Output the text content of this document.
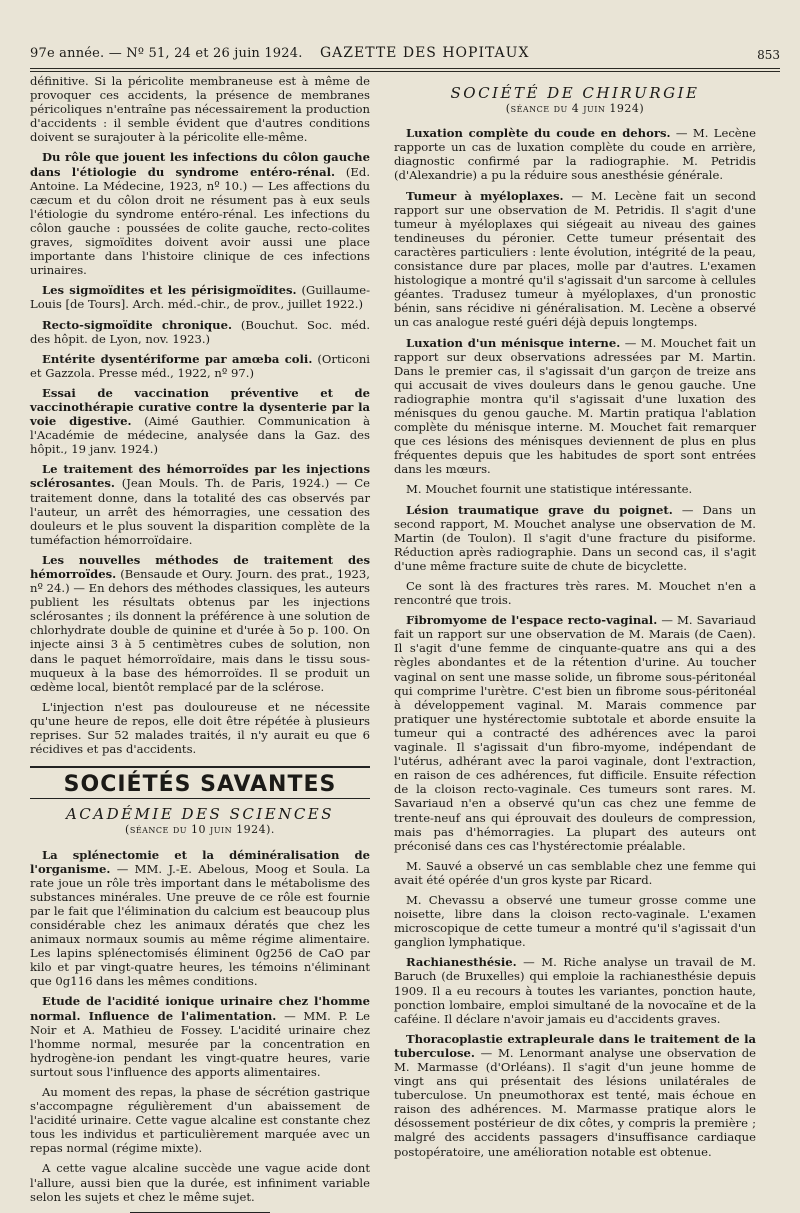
97e année. — Nº 51, 24 et 26 juin 1924. GAZETTE DES HOPITAUX	853

définitive. Si la péricolite membraneuse est à même de provoquer ces accidents, la présence de membranes péricoliques n'entraîne pas nécessairement la production d'accidents : il semble évident que d'autres conditions doivent se surajouter à la péricolite elle-même.

Du rôle que jouent les infections du côlon gauche dans l'étiologie du syndrome entéro-rénal. (Ed. Antoine. La Médecine, 1923, nº 10.) — Les affections du cæcum et du côlon droit ne résument pas à eux seuls l'étiologie du syndrome entéro-rénal. Les infections du côlon gauche : poussées de colite gauche, recto-colites graves, sigmoïdites doivent avoir aussi une place importante dans l'histoire clinique de ces infections urinaires.

Les sigmoïdites et les périsigmoïdites. (Guillaume-Louis [de Tours]. Arch. méd.-chir., de prov., juillet 1922.)

Recto-sigmoïdite chronique. (Bouchut. Soc. méd. des hôpit. de Lyon, nov. 1923.)

Entérite dysentériforme par amœba coli. (Orticoni et Gazzola. Presse méd., 1922, nº 97.)

Essai de vaccination préventive et de vaccinothérapie curative contre la dysenterie par la voie digestive. (Aimé Gauthier. Communication à l'Académie de médecine, analysée dans la Gaz. des hôpit., 19 janv. 1924.)

Le traitement des hémorroïdes par les injections sclérosantes. (Jean Mouls. Th. de Paris, 1924.) — Ce traitement donne, dans la totalité des cas observés par l'auteur, un arrêt des hémorragies, une cessation des douleurs et le plus souvent la disparition complète de la tuméfaction hémorroïdaire.

Les nouvelles méthodes de traitement des hémorroïdes. (Bensaude et Oury. Journ. des prat., 1923, nº 24.) — En dehors des méthodes classiques, les auteurs publient les résultats obtenus par les injections sclérosantes ; ils donnent la préférence à une solution de chlorhydrate double de quinine et d'urée à 5o p. 100. On injecte ainsi 3 à 5 centimètres cubes de solution, non dans le paquet hémorroïdaire, mais dans le tissu sous-muqueux à la base des hémorroïdes. Il se produit un œdème local, bientôt remplacé par de la sclérose.

L'injection n'est pas douloureuse et ne nécessite qu'une heure de repos, elle doit être répétée à plusieurs reprises. Sur 52 malades traités, il n'y aurait eu que 6 récidives et pas d'accidents.

SOCIÉTÉS SAVANTES
ACADÉMIE DES SCIENCES
(séance du 10 juin 1924).

La splénectomie et la déminéralisation de l'organisme. — MM. J.-E. Abelous, Moog et Soula. La rate joue un rôle très important dans le métabolisme des substances minérales. Une preuve de ce rôle est fournie par le fait que l'élimination du calcium est beaucoup plus considérable chez les animaux dératés que chez les animaux normaux soumis au même régime alimentaire. Les lapins splénectomisés éliminent 0g256 de CaO par kilo et par vingt-quatre heures, les témoins n'éliminant que 0g116 dans les mêmes conditions.

Etude de l'acidité ionique urinaire chez l'homme normal. Influence de l'alimentation. — MM. P. Le Noir et A. Mathieu de Fossey. L'acidité urinaire chez l'homme normal, mesurée par la concentration en hydrogène-ion pendant les vingt-quatre heures, varie surtout sous l'influence des apports alimentaires.

Au moment des repas, la phase de sécrétion gastrique s'accompagne régulièrement d'un abaissement de l'acidité urinaire. Cette vague alcaline est constante chez tous les individus et particulièrement marquée avec un repas normal (régime mixte).

A cette vague alcaline succède une vague acide dont l'allure, aussi bien que la durée, est infiniment variable selon les sujets et chez le même sujet.

SOCIÉTÉ DE CHIRURGIE
(séance du 4 juin 1924)

Luxation complète du coude en dehors. — M. Lecène rapporte un cas de luxation complète du coude en arrière, diagnostic confirmé par la radiographie. M. Petridis (d'Alexandrie) a pu la réduire sous anesthésie générale.

Tumeur à myéloplaxes. — M. Lecène fait un second rapport sur une observation de M. Petridis. Il s'agit d'une tumeur à myéloplaxes qui siégeait au niveau des gaines tendineuses du péronier. Cette tumeur présentait des caractères particuliers : lente évolution, intégrité de la peau, consistance dure par places, molle par d'autres. L'examen histologique a montré qu'il s'agissait d'un sarcome à cellules géantes. Tradusez tumeur à myéloplaxes, d'un pronostic bénin, sans récidive ni généralisation. M. Lecène a observé un cas analogue resté guéri déjà depuis longtemps.

Luxation d'un ménisque interne. — M. Mouchet fait un rapport sur deux observations adressées par M. Martin. Dans le premier cas, il s'agissait d'un garçon de treize ans qui accusait de vives douleurs dans le genou gauche. Une radiographie montra qu'il s'agissait d'une luxation des ménisques du genou gauche. M. Martin pratiqua l'ablation complète du ménisque interne. M. Mouchet fait remarquer que ces lésions des ménisques deviennent de plus en plus fréquentes depuis que les habitudes de sport sont entrées dans les mœurs.

M. Mouchet fournit une statistique intéressante.

Lésion traumatique grave du poignet. — Dans un second rapport, M. Mouchet analyse une observation de M. Martin (de Toulon). Il s'agit d'une fracture du pisiforme. Réduction après radiographie. Dans un second cas, il s'agit d'une même fracture suite de chute de bicyclette.

Ce sont là des fractures très rares. M. Mouchet n'en a rencontré que trois.

Fibromyome de l'espace recto-vaginal. — M. Savariaud fait un rapport sur une observation de M. Marais (de Caen). Il s'agit d'une femme de cinquante-quatre ans qui a des règles abondantes et de la rétention d'urine. Au toucher vaginal on sent une masse solide, un fibrome sous-péritonéal qui comprime l'urètre. C'est bien un fibrome sous-péritonéal à développement vaginal. M. Marais commence par pratiquer une hystérectomie subtotale et aborde ensuite la tumeur qui a contracté des adhérences avec la paroi vaginale. Il s'agissait d'un fibro-myome, indépendant de l'utérus, adhérant avec la paroi vaginale, dont l'extraction, en raison de ces adhérences, fut difficile. Ensuite réfection de la cloison recto-vaginale. Ces tumeurs sont rares. M. Savariaud n'en a observé qu'un cas chez une femme de trente-neuf ans qui éprouvait des douleurs de compression, mais pas d'hémorragies. La plupart des auteurs ont préconisé dans ces cas l'hystérectomie préalable.

M. Sauvé a observé un cas semblable chez une femme qui avait été opérée d'un gros kyste par Ricard.

M. Chevassu a observé une tumeur grosse comme une noisette, libre dans la cloison recto-vaginale. L'examen microscopique de cette tumeur a montré qu'il s'agissait d'un ganglion lymphatique.

Rachianesthésie. — M. Riche analyse un travail de M. Baruch (de Bruxelles) qui emploie la rachianesthésie depuis 1909. Il a eu recours à toutes les variantes, ponction haute, ponction lombaire, emploi simultané de la novocaïne et de la caféine. Il déclare n'avoir jamais eu d'accidents graves.

Thoracoplastie extrapleurale dans le traitement de la tuberculose. — M. Lenormant analyse une observation de M. Marmasse (d'Orléans). Il s'agit d'un jeune homme de vingt ans qui présentait des lésions unilatérales de tuberculose. Un pneumothorax est tenté, mais échoue en raison des adhérences. M. Marmasse pratique alors le désossement postérieur de dix côtes, y compris la première ; malgré des accidents passagers d'insuffisance cardiaque postopératoire, une amélioration notable est obtenue.
